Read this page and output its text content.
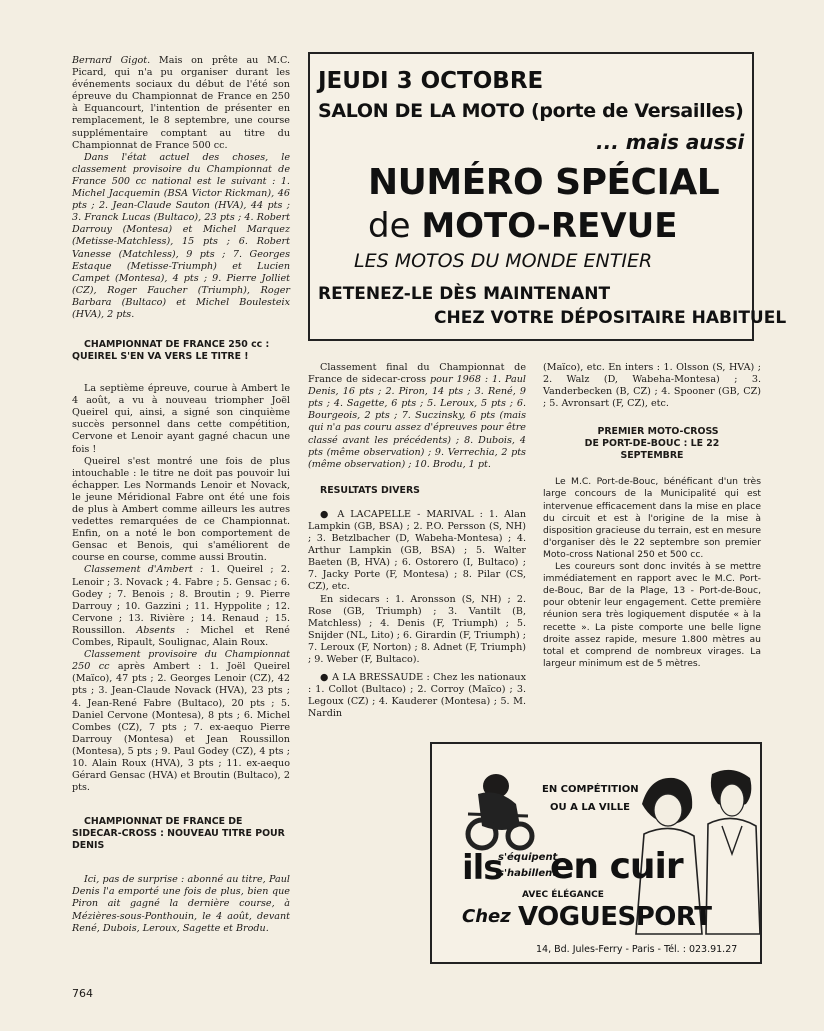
Bernard Gigot. Mais on prête au M.C. Picard, qui n'a pu organiser durant les événements sociaux du début de l'été son épreuve du Championnat de France en 250 à Equancourt, l'intention de présenter en remplacement, le 8 septembre, une course supplémentaire comptant au titre du Championnat de France 500 cc.

Dans l'état actuel des choses, le classement provisoire du Championnat de France 500 cc national est le suivant : 1. Michel Jacquemin (BSA Victor Rickman), 46 pts ; 2. Jean-Claude Sauton (HVA), 44 pts ; 3. Franck Lucas (Bultaco), 23 pts ; 4. Robert Darrouy (Montesa) et Michel Marquez (Metisse-Matchless), 15 pts ; 6. Robert Vanesse (Matchless), 9 pts ; 7. Georges Estaque (Metisse-Triumph) et Lucien Campet (Montesa), 4 pts ; 9. Pierre Jolliet (CZ), Roger Faucher (Triumph), Roger Barbara (Bultaco) et Michel Boulesteix (HVA), 2 pts.

CHAMPIONNAT DE FRANCE 250 cc : QUEIREL S'EN VA VERS LE TITRE !

La septième épreuve, courue à Ambert le 4 août, a vu à nouveau triompher Joël Queirel qui, ainsi, a signé son cinquième succès personnel dans cette compétition, Cervone et Lenoir ayant gagné chacun une fois !

Queirel s'est montré une fois de plus intouchable : le titre ne doit pas pouvoir lui échapper. Les Normands Lenoir et Novack, le jeune Méridional Fabre ont été une fois de plus à Ambert comme ailleurs les autres vedettes remarquées de ce Championnat. Enfin, on a noté le bon comportement de Gensac et Benois, qui s'améliorent de course en course, comme aussi Broutin.

Classement d'Ambert : 1. Queirel ; 2. Lenoir ; 3. Novack ; 4. Fabre ; 5. Gensac ; 6. Godey ; 7. Benois ; 8. Broutin ; 9. Pierre Darrouy ; 10. Gazzini ; 11. Hyppolite ; 12. Cervone ; 13. Rivière ; 14. Renaud ; 15. Roussillon. Absents : Michel et René Combes, Ripault, Soulignac, Alain Roux.

Classement provisoire du Championnat 250 cc après Ambert : 1. Joël Queirel (Maïco), 47 pts ; 2. Georges Lenoir (CZ), 42 pts ; 3. Jean-Claude Novack (HVA), 23 pts ; 4. Jean-René Fabre (Bultaco), 20 pts ; 5. Daniel Cervone (Montesa), 8 pts ; 6. Michel Combes (CZ), 7 pts ; 7. ex-aequo Pierre Darrouy (Montesa) et Jean Roussillon (Montesa), 5 pts ; 9. Paul Godey (CZ), 4 pts ; 10. Alain Roux (HVA), 3 pts ; 11. ex-aequo Gérard Gensac (HVA) et Broutin (Bultaco), 2 pts.

CHAMPIONNAT DE FRANCE DE SIDECAR-CROSS : NOUVEAU TITRE POUR DENIS

Ici, pas de surprise : abonné au titre, Paul Denis l'a emporté une fois de plus, bien que Piron ait gagné la dernière course, à Mézières-sous-Ponthouin, le 4 août, devant René, Dubois, Leroux, Sagette et Brodu.

Classement final du Championnat de France de sidecar-cross pour 1968 : 1. Paul Denis, 16 pts ; 2. Piron, 14 pts ; 3. René, 9 pts ; 4. Sagette, 6 pts ; 5. Leroux, 5 pts ; 6. Bourgeois, 2 pts ; 7. Suczinsky, 6 pts (mais qui n'a pas couru assez d'épreuves pour être classé avant les précédents) ; 8. Dubois, 4 pts (même observation) ; 9. Verrechia, 2 pts (même observation) ; 10. Brodu, 1 pt.

RESULTATS DIVERS

● A LACAPELLE - MARIVAL : 1. Alan Lampkin (GB, BSA) ; 2. P.O. Persson (S, NH) ; 3. Betzlbacher (D, Wabeha-Montesa) ; 4. Arthur Lampkin (GB, BSA) ; 5. Walter Baeten (B, HVA) ; 6. Ostorero (I, Bultaco) ; 7. Jacky Porte (F, Montesa) ; 8. Pilar (CS, CZ), etc.

En sidecars : 1. Aronsson (S, NH) ; 2. Rose (GB, Triumph) ; 3. Vantilt (B, Matchless) ; 4. Denis (F, Triumph) ; 5. Snijder (NL, Lito) ; 6. Girardin (F, Triumph) ; 7. Leroux (F, Norton) ; 8. Adnet (F, Triumph) ; 9. Weber (F, Bultaco).

● A LA BRESSAUDE : Chez les nationaux : 1. Collot (Bultaco) ; 2. Corroy (Maïco) ; 3. Legoux (CZ) ; 4. Kauderer (Montesa) ; 5. M. Nardin

(Maïco), etc. En inters : 1. Olsson (S, HVA) ; 2. Walz (D, Wabeha-Montesa) ; 3. Vanderbecken (B, CZ) ; 4. Spooner (GB, CZ) ; 5. Avronsart (F, CZ), etc.

PREMIER MOTO-CROSS DE PORT-DE-BOUC : LE 22 SEPTEMBRE

Le M.C. Port-de-Bouc, bénéficant d'un très large concours de la Municipalité qui est intervenue efficacement dans la mise en place du circuit et est à l'origine de la mise à disposition gracieuse du terrain, est en mesure d'organiser dès le 22 septembre son premier Moto-cross National 250 et 500 cc.

Les coureurs sont donc invités à se mettre immédiatement en rapport avec le M.C. Port-de-Bouc, Bar de la Plage, 13 - Port-de-Bouc, pour obtenir leur engagement. Cette première réunion sera très logiquement disputée « à la recette ». La piste comporte une belle ligne droite assez rapide, mesure 1.800 mètres au total et comprend de nombreux virages. La largeur minimum est de 5 mètres.

JEUDI 3 OCTOBRE
SALON DE LA MOTO (porte de Versailles)
... mais aussi
NUMÉRO SPÉCIAL
de MOTO-REVUE
LES MOTOS DU MONDE ENTIER
RETENEZ-LE DÈS MAINTENANT
CHEZ VOTRE DÉPOSITAIRE HABITUEL
EN COMPÉTITION
OU A LA VILLE
ils
s'équipent
s'habillent
en cuir
AVEC ÉLÉGANCE
Chez VOGUESPORT
14, Bd. Jules-Ferry - Paris - Tél. : 023.91.27
764
